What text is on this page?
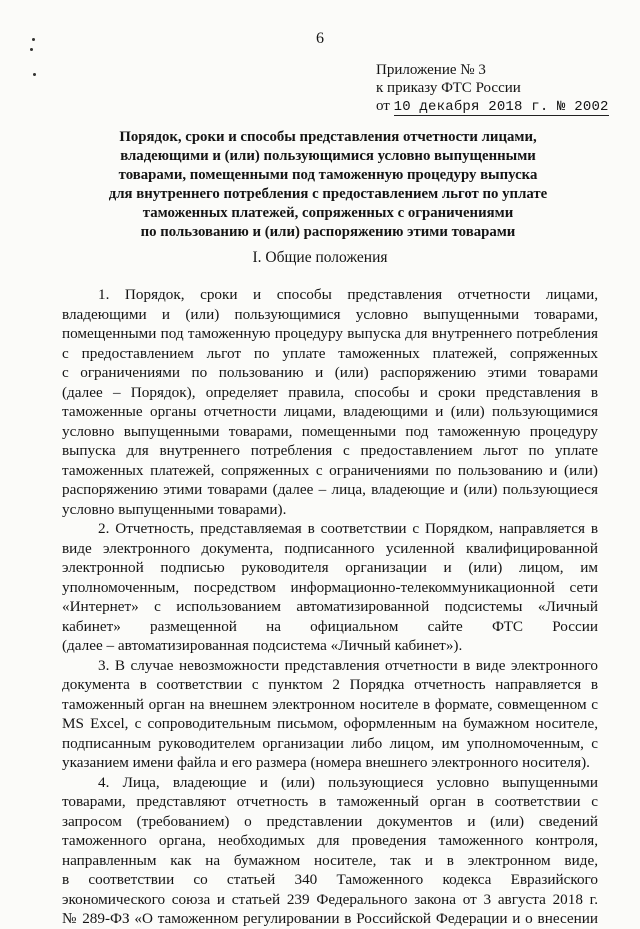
6
Приложение № 3
к приказу ФТС России
от 10 декабря 2018 г. № 2002
Порядок, сроки и способы представления отчетности лицами,
владеющими и (или) пользующимися условно выпущенными
товарами, помещенными под таможенную процедуру выпуска
для внутреннего потребления с предоставлением льгот по уплате
таможенных платежей, сопряженных с ограничениями
по пользованию и (или) распоряжению этими товарами
I. Общие положения
1. Порядок, сроки и способы представления отчетности лицами,
владеющими и (или) пользующимися условно выпущенными товарами,
помещенными под таможенную процедуру выпуска для внутреннего потребления
с предоставлением льгот по уплате таможенных платежей, сопряженных
с ограничениями по пользованию и (или) распоряжению этими товарами
(далее – Порядок), определяет правила, способы и сроки представления в
таможенные органы отчетности лицами, владеющими и (или) пользующимися
условно выпущенными товарами, помещенными под таможенную процедуру
выпуска для внутреннего потребления с предоставлением льгот по уплате
таможенных платежей, сопряженных с ограничениями по пользованию и (или)
распоряжению этими товарами (далее – лица, владеющие и (или) пользующиеся
условно выпущенными товарами).
2. Отчетность, представляемая в соответствии с Порядком, направляется в
виде электронного документа, подписанного усиленной квалифицированной
электронной подписью руководителя организации и (или) лицом, им
уполномоченным, посредством информационно-телекоммуникационной сети
«Интернет» с использованием автоматизированной подсистемы «Личный
кабинет» размещенной на официальном сайте ФТС России
(далее – автоматизированная подсистема «Личный кабинет»).
3. В случае невозможности представления отчетности в виде электронного
документа в соответствии с пунктом 2 Порядка отчетность направляется в
таможенный орган на внешнем электронном носителе в формате, совмещенном с
MS Excel, с сопроводительным письмом, оформленным на бумажном носителе,
подписанным руководителем организации либо лицом, им уполномоченным, с
указанием имени файла и его размера (номера внешнего электронного носителя).
4. Лица, владеющие и (или) пользующиеся условно выпущенными
товарами, представляют отчетность в таможенный орган в соответствии с
запросом (требованием) о представлении документов и (или) сведений
таможенного органа, необходимых для проведения таможенного контроля,
направленным как на бумажном носителе, так и в электронном виде,
в соответствии со статьей 340 Таможенного кодекса Евразийского
экономического союза и статьей 239 Федерального закона от 3 августа 2018 г.
№ 289-ФЗ «О таможенном регулировании в Российской Федерации и о внесении
